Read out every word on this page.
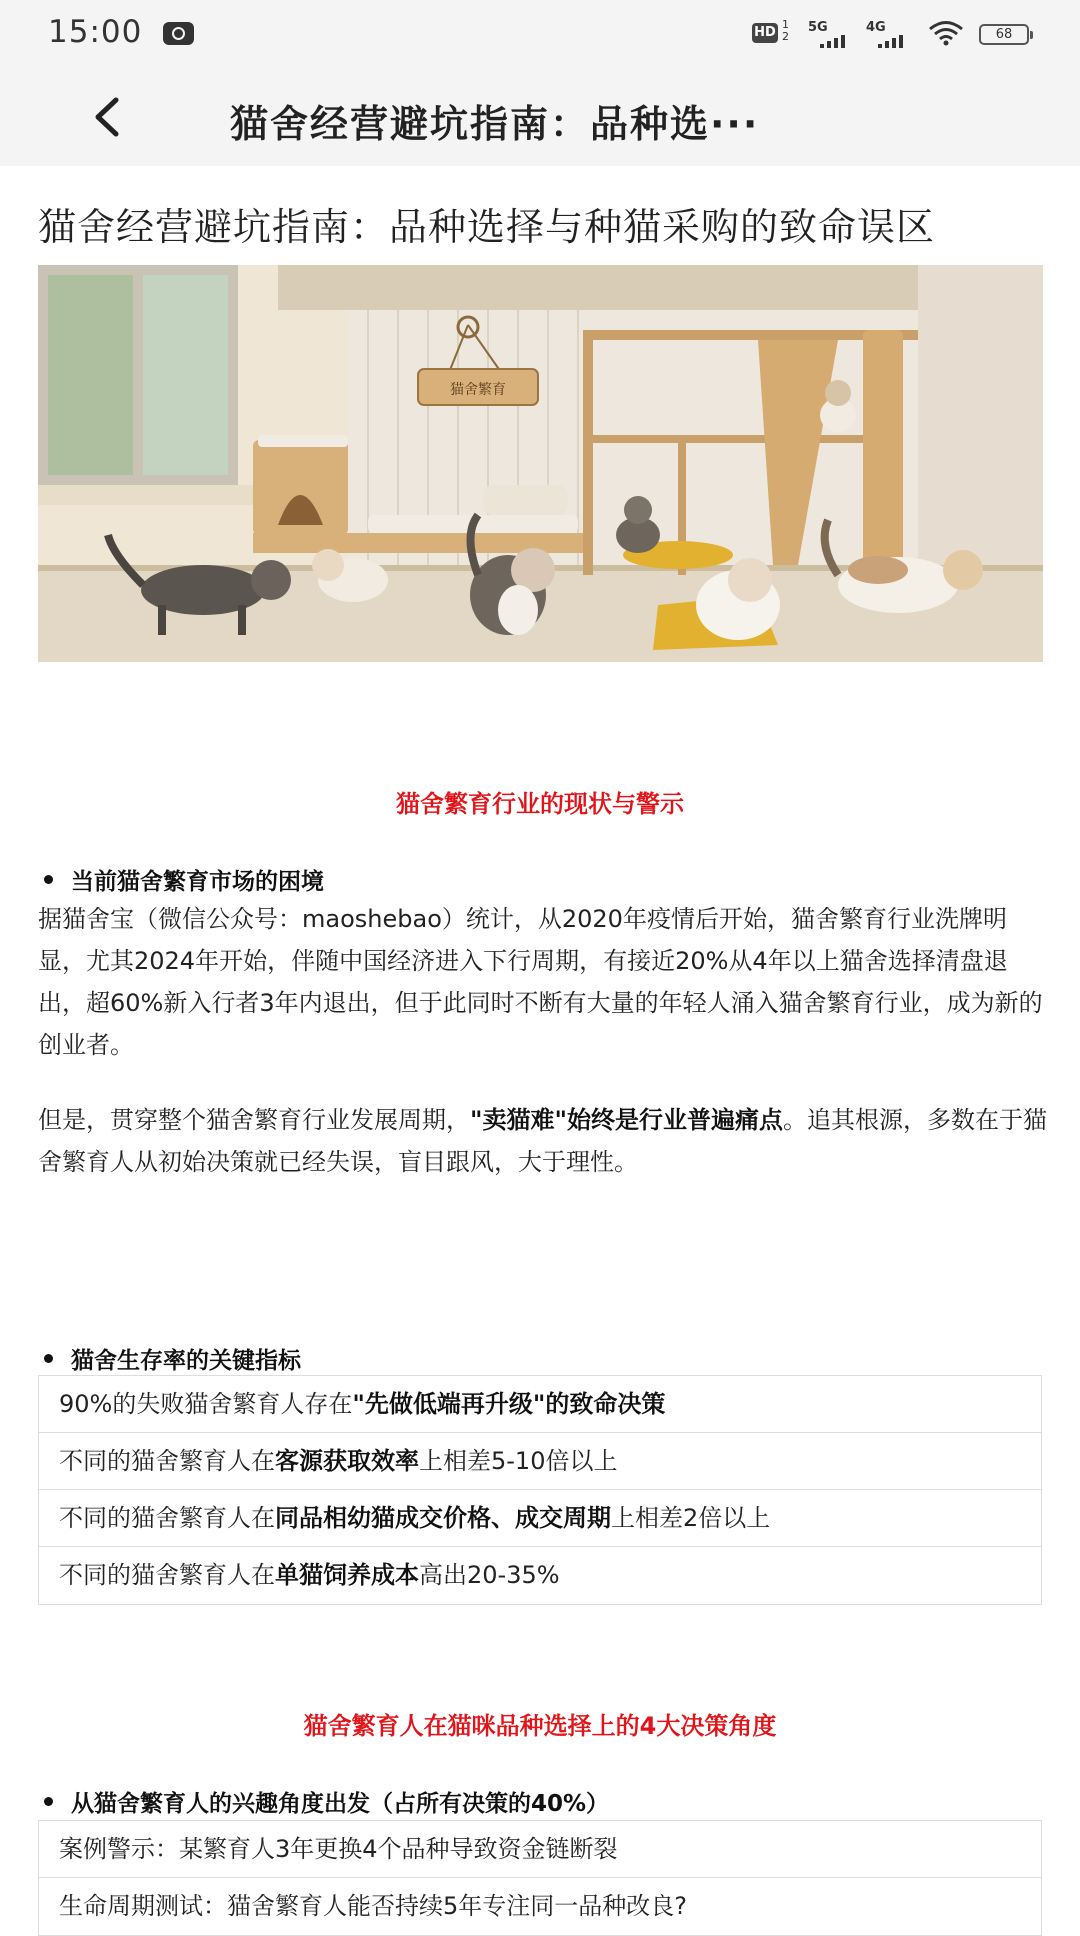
15:00	HD
1
2
5G	4G	68
猫舍经营避坑指南：品种选···
猫舍经营避坑指南：品种选择与种猫采购的致命误区
猫舍繁育
猫舍繁育行业的现状与警示
当前猫舍繁育市场的困境
据猫舍宝（微信公众号：maoshebao）统计，从2020年疫情后开始，猫舍繁育行业洗牌明显，尤其2024年开始，伴随中国经济进入下行周期，有接近20%从4年以上猫舍选择清盘退出，超60%新入行者3年内退出，但于此同时不断有大量的年轻人涌入猫舍繁育行业，成为新的创业者。
但是，贯穿整个猫舍繁育行业发展周期，"卖猫难"始终是行业普遍痛点。追其根源，多数在于猫舍繁育人从初始决策就已经失误，盲目跟风，大于理性。
猫舍生存率的关键指标
90%的失败猫舍繁育人存在"先做低端再升级"的致命决策
不同的猫舍繁育人在客源获取效率上相差5-10倍以上
不同的猫舍繁育人在同品相幼猫成交价格、成交周期上相差2倍以上
不同的猫舍繁育人在单猫饲养成本高出20-35%
猫舍繁育人在猫咪品种选择上的4大决策角度
从猫舍繁育人的兴趣角度出发（占所有决策的40%）
案例警示：某繁育人3年更换4个品种导致资金链断裂
生命周期测试：猫舍繁育人能否持续5年专注同一品种改良?
